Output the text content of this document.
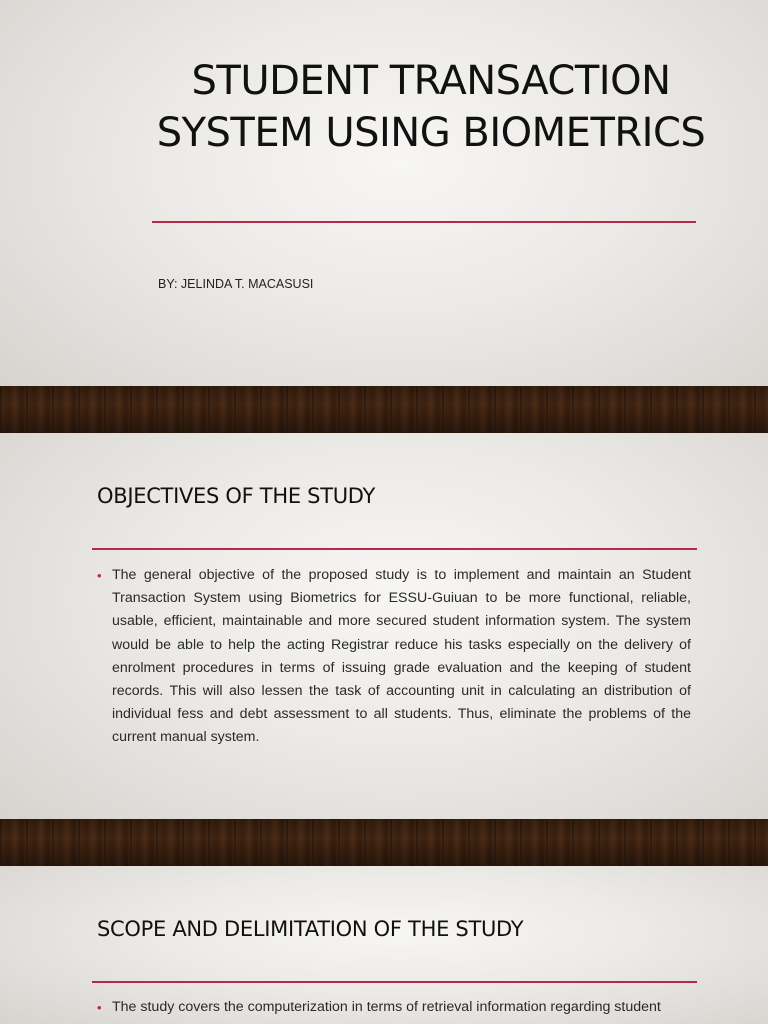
STUDENT TRANSACTION SYSTEM USING BIOMETRICS
BY: JELINDA T. MACASUSI
OBJECTIVES OF THE STUDY

• The general objective of the proposed study is to implement and maintain an Student Transaction System using Biometrics for ESSU-Guiuan to be more functional, reliable, usable, efficient, maintainable and more secured student information system. The system would be able to help the acting Registrar reduce his tasks especially on the delivery of enrolment procedures in terms of issuing grade evaluation and the keeping of student records. This will also lessen the task of accounting unit in calculating an distribution of individual fess and debt assessment to all students. Thus, eliminate the problems of the current manual system.

SCOPE AND DELIMITATION OF THE STUDY

• The study covers the computerization in terms of retrieval information regarding student
